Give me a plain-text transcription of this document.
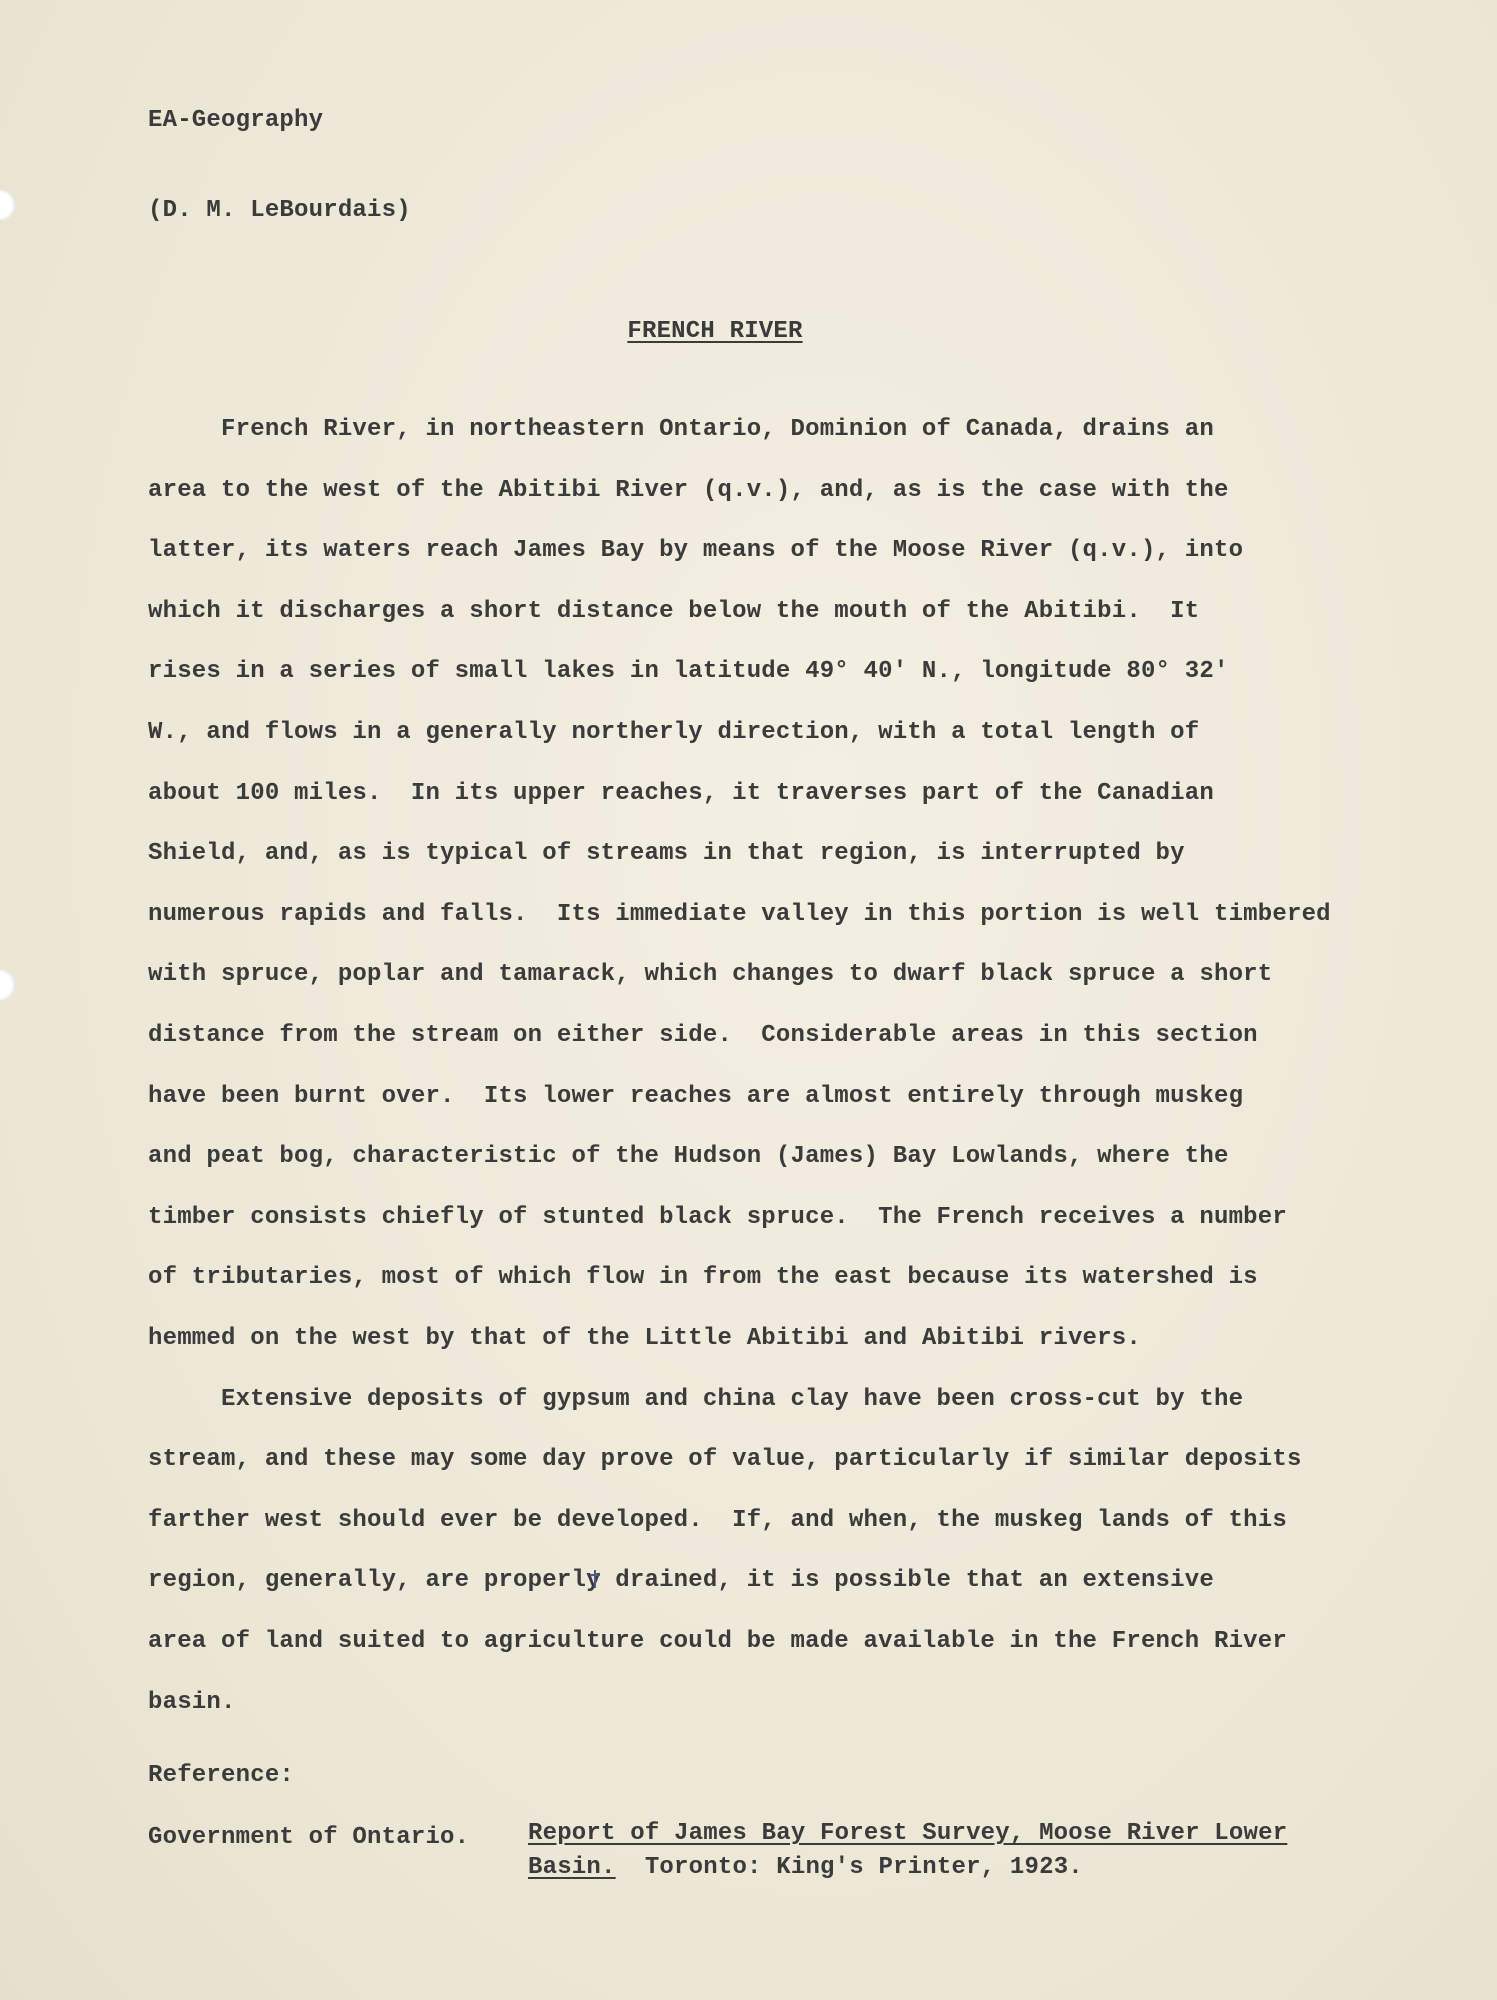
EA-Geography

(D. M. LeBourdais)

FRENCH RIVER
French River, in northeastern Ontario, Dominion of Canada, drains an
area to the west of the Abitibi River (q.v.), and, as is the case with the
latter, its waters reach James Bay by means of the Moose River (q.v.), into
which it discharges a short distance below the mouth of the Abitibi.  It
rises in a series of small lakes in latitude 49° 40' N., longitude 80° 32'
W., and flows in a generally northerly direction, with a total length of
about 100 miles.  In its upper reaches, it traverses part of the Canadian
Shield, and, as is typical of streams in that region, is interrupted by
numerous rapids and falls.  Its immediate valley in this portion is well timbered
with spruce, poplar and tamarack, which changes to dwarf black spruce a short
distance from the stream on either side.  Considerable areas in this section
have been burnt over.  Its lower reaches are almost entirely through muskeg
and peat bog, characteristic of the Hudson (James) Bay Lowlands, where the
timber consists chiefly of stunted black spruce.  The French receives a number
of tributaries, most of which flow in from the east because its watershed is
hemmed on the west by that of the Little Abitibi and Abitibi rivers.
Extensive deposits of gypsum and china clay have been cross-cut by the
stream, and these may some day prove of value, particularly if similar deposits
farther west should ever be developed.  If, and when, the muskeg lands of this
region, generally, are properly drained, it is possible that an extensive
area of land suited to agriculture could be made available in the French River
basin.
Reference:
Government of Ontario. Report of James Bay Forest Survey, Moose River Lower
Basin.  Toronto: King's Printer, 1923.
